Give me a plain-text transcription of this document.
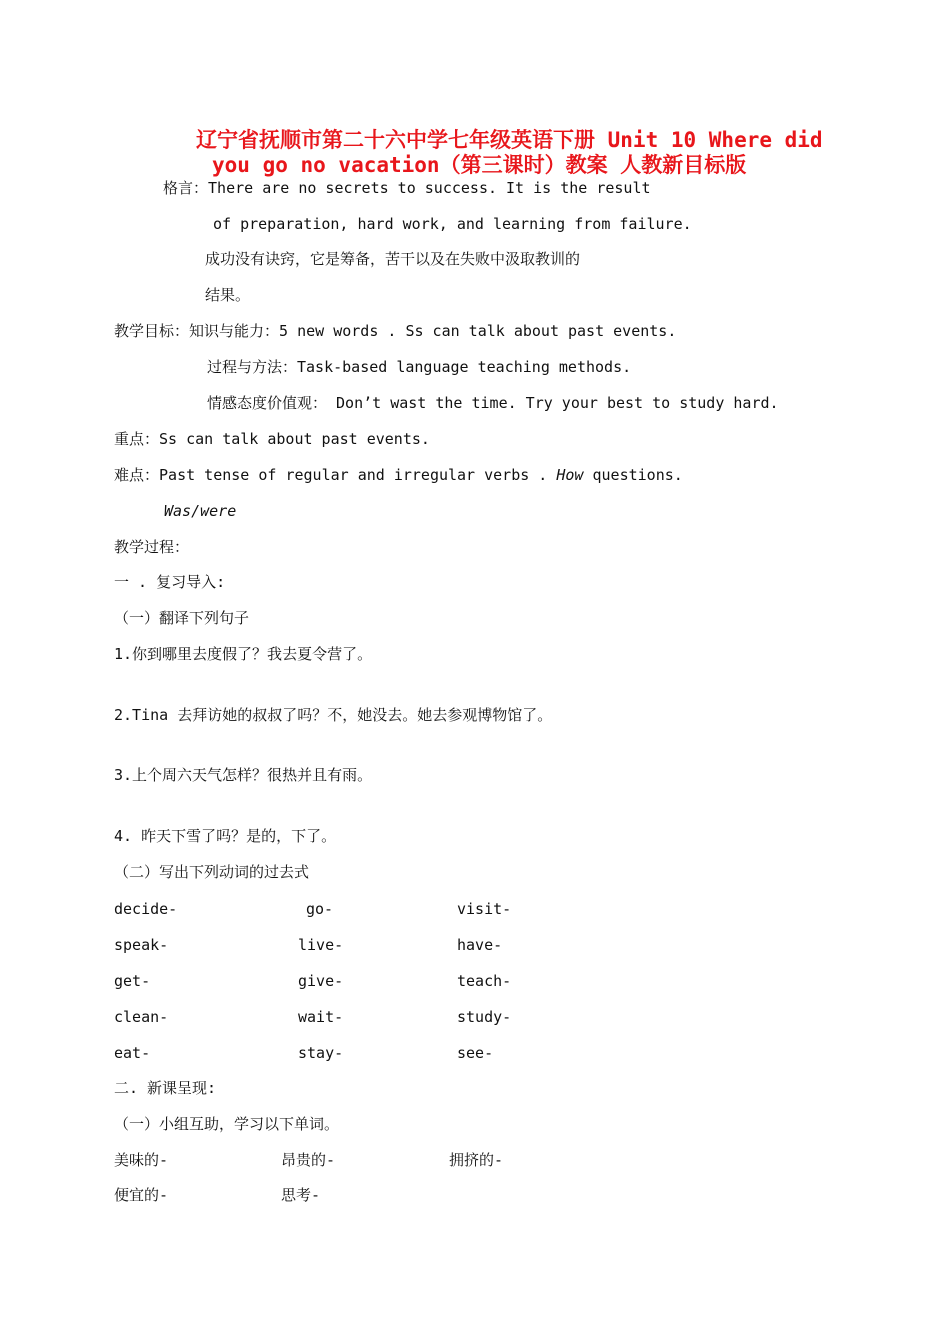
辽宁省抚顺市第二十六中学七年级英语下册 Unit 10 Where did
you go no vacation（第三课时）教案 人教新目标版
格言：There are no secrets to success. It is the result
of preparation, hard work, and learning from failure.
成功没有诀窍，它是筹备，苦干以及在失败中汲取教训的
结果。
教学目标：知识与能力：5 new words . Ss can talk about past events.
过程与方法：Task-based language teaching methods.
情感态度价值观： Don’t wast the time. Try your best to study hard.
重点：Ss can talk about past events.
难点：Past tense of regular and irregular verbs . How questions.
Was/were
教学过程：
一 . 复习导入:
（一）翻译下列句子
1.你到哪里去度假了？我去夏令营了。
2.Tina 去拜访她的叔叔了吗？不，她没去。她去参观博物馆了。
3.上个周六天气怎样？很热并且有雨。
4. 昨天下雪了吗？是的，下了。
（二）写出下列动词的过去式
decide-	go-	visit-
speak-	live-	have-
get-	give-	teach-
clean-	wait-	study-
eat-	stay-	see-
二. 新课呈现:
（一）小组互助，学习以下单词。
美味的-	昂贵的-	拥挤的-
便宜的-	思考-
